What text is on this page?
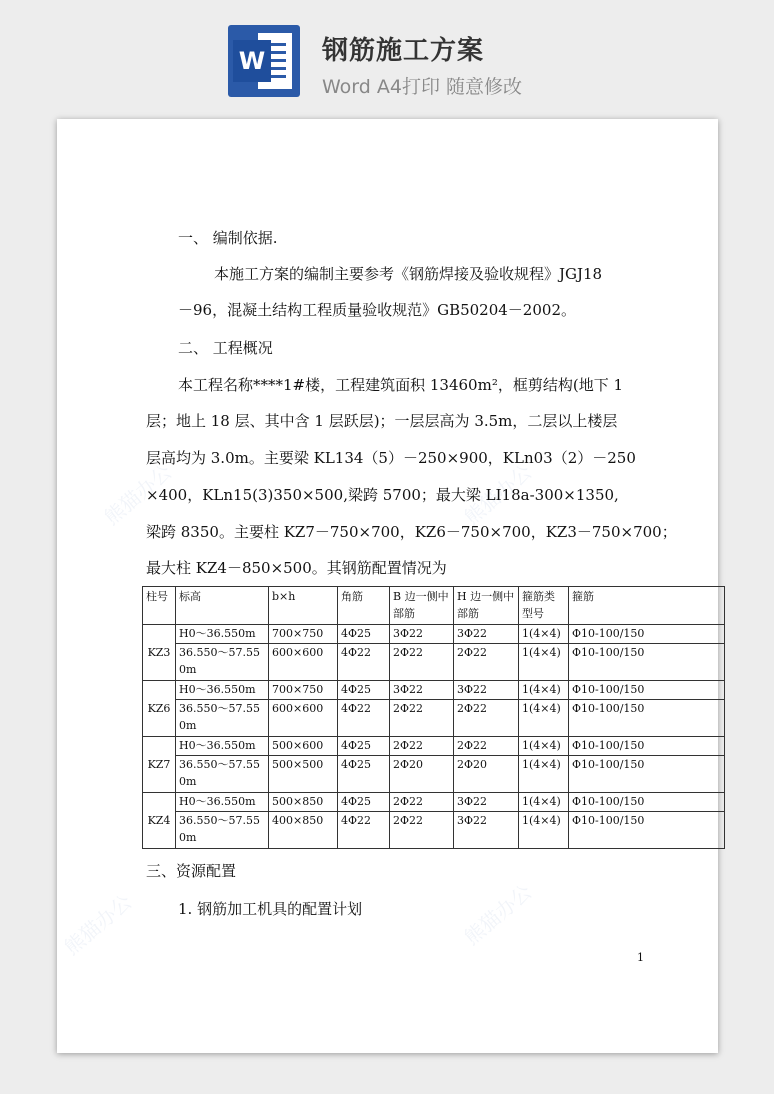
W 钢筋施工方案
Word A4打印 随意修改
熊猫办公	熊猫办公
熊猫办公	熊猫办公
一、 编制依据.
本施工方案的编制主要参考《钢筋焊接及验收规程》JGJ18
－96，混凝土结构工程质量验收规范》GB50204－2002。
二、 工程概况
本工程名称****1#楼，工程建筑面积 13460m²，框剪结构(地下 1
层；地上 18 层、其中含 1 层跃层)；一层层高为 3.5m，二层以上楼层
层高均为 3.0m。主要梁 KL134（5）－250×900，KLn03（2）－250
×400，KLn15(3)350×500,梁跨 5700；最大梁 LI18a-300×1350,
梁跨 8350。主要柱 KZ7－750×700，KZ6－750×700，KZ3－750×700；
最大柱 KZ4－850×500。其钢筋配置情况为
柱号	标高	b×h	角筋	B 边一侧中部筋	H 边一侧中部筋	箍筋类型号	箍筋
KZ3	H0～36.550m	700×750	4Φ25	3Φ22	3Φ22	1(4×4)	Φ10-100/150
	36.550～57.550m	600×600	4Φ22	2Φ22	2Φ22	1(4×4)	Φ10-100/150
KZ6	H0～36.550m	700×750	4Φ25	3Φ22	3Φ22	1(4×4)	Φ10-100/150
	36.550～57.550m	600×600	4Φ22	2Φ22	2Φ22	1(4×4)	Φ10-100/150
KZ7	H0～36.550m	500×600	4Φ25	2Φ22	2Φ22	1(4×4)	Φ10-100/150
	36.550～57.550m	500×500	4Φ25	2Φ20	2Φ20	1(4×4)	Φ10-100/150
KZ4	H0～36.550m	500×850	4Φ25	2Φ22	3Φ22	1(4×4)	Φ10-100/150
	36.550～57.550m	400×850	4Φ22	2Φ22	3Φ22	1(4×4)	Φ10-100/150
三、资源配置
1. 钢筋加工机具的配置计划
1
